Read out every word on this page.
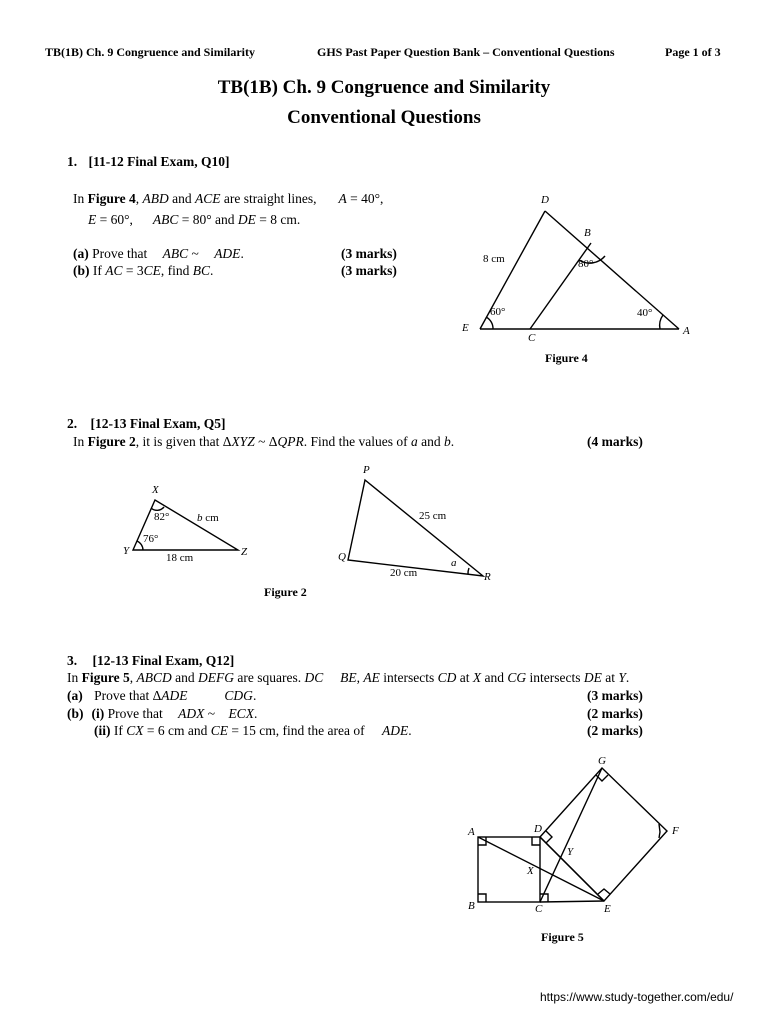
TB(1B) Ch. 9 Congruence and Similarity	GHS Past Paper Question Bank – Conventional Questions	Page 1 of 3
TB(1B) Ch. 9 Congruence and Similarity
Conventional Questions
1. [11-12 Final Exam, Q10]
In Figure 4, ABD and ACE are straight lines, A = 40°,
E = 60°, ABC = 80° and DE = 8 cm.
(a) Prove that ABC ~ ADE.	(3 marks)
(b) If AC = 3CE, find BC.	(3 marks)
D
B
E
C
A
8 cm	80°
60°	40°
Figure 4
2. [12-13 Final Exam, Q5]
In Figure 2, it is given that ΔXYZ ~ ΔQPR. Find the values of a and b.	(4 marks)
X
Y	Z
P
Q
R
a
82°
76°
b cm
18 cm
25 cm
20 cm
Figure 2
3. [12-13 Final Exam, Q12]
In Figure 5, ABCD and DEFG are squares. DC BE, AE intersects CD at X and CG intersects DE at Y.
(a) Prove that ΔADE	CDG.	(3 marks)
(b) (i) Prove that ADX ~ ECX.	(2 marks)
(ii) If CX = 6 cm and CE = 15 cm, find the area of ADE.	(2 marks)
G
A	D	F
Y
X
B	C	E
Figure 5
https://www.study-together.com/edu/
